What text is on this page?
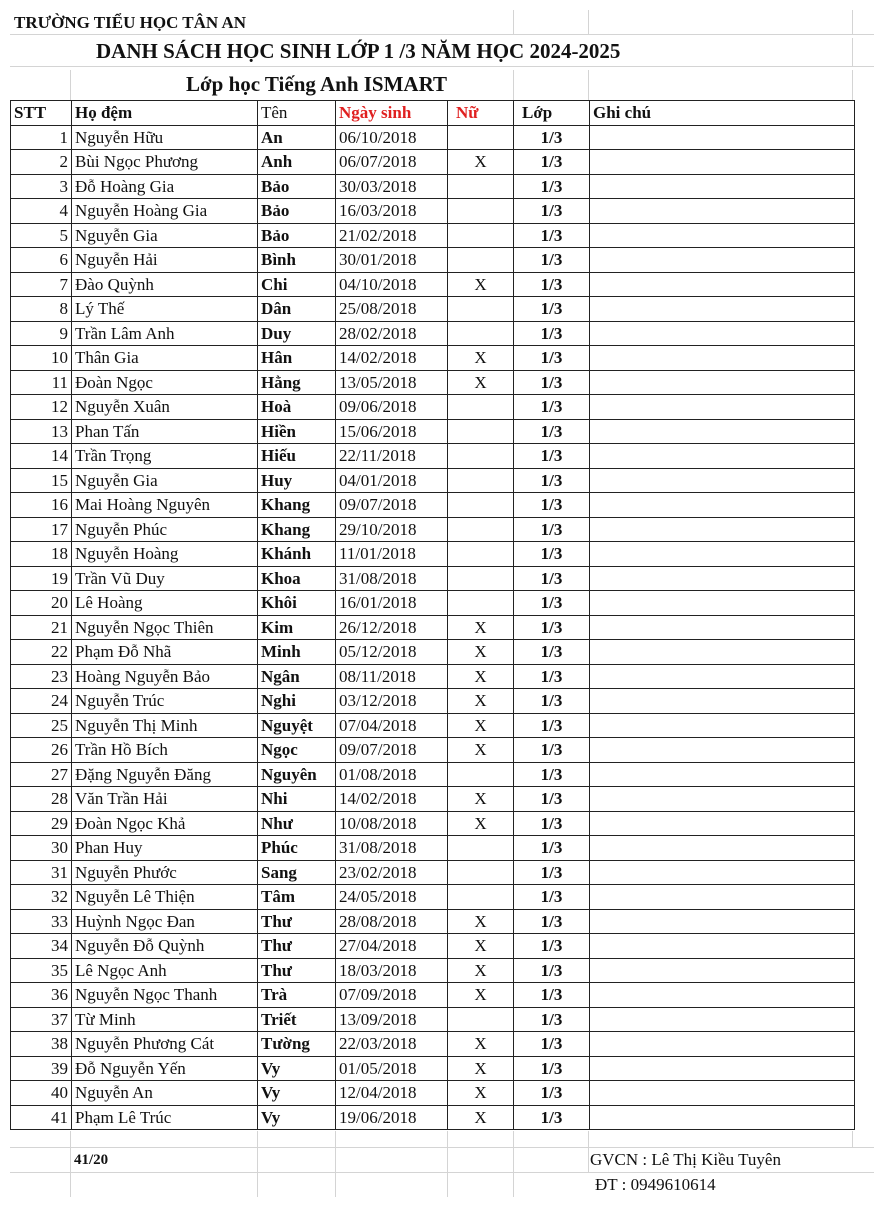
TRƯỜNG TIỂU HỌC TÂN AN
DANH SÁCH HỌC SINH LỚP 1 /3 NĂM HỌC 2024-2025
Lớp học Tiếng Anh ISMART
STT	Họ đệm	Tên	Ngày sinh	Nữ	Lớp	Ghi chú
1	Nguyễn Hữu	An	06/10/2018		1/3	
2	Bùi Ngọc Phương	Anh	06/07/2018	X	1/3	
3	Đỗ Hoàng Gia	Bảo	30/03/2018		1/3	
4	Nguyễn Hoàng Gia	Bảo	16/03/2018		1/3	
5	Nguyễn Gia	Bảo	21/02/2018		1/3	
6	Nguyễn Hải	Bình	30/01/2018		1/3	
7	Đào Quỳnh	Chi	04/10/2018	X	1/3	
8	Lý Thế	Dân	25/08/2018		1/3	
9	Trần Lâm Anh	Duy	28/02/2018		1/3	
10	Thân Gia	Hân	14/02/2018	X	1/3	
11	Đoàn Ngọc	Hằng	13/05/2018	X	1/3	
12	Nguyễn Xuân	Hoà	09/06/2018		1/3	
13	Phan Tấn	Hiền	15/06/2018		1/3	
14	Trần Trọng	Hiếu	22/11/2018		1/3	
15	Nguyễn Gia	Huy	04/01/2018		1/3	
16	Mai Hoàng Nguyên	Khang	09/07/2018		1/3	
17	Nguyễn Phúc	Khang	29/10/2018		1/3	
18	Nguyễn Hoàng	Khánh	11/01/2018		1/3	
19	Trần Vũ Duy	Khoa	31/08/2018		1/3	
20	Lê Hoàng	Khôi	16/01/2018		1/3	
21	Nguyễn Ngọc Thiên	Kim	26/12/2018	X	1/3	
22	Phạm Đỗ Nhã	Minh	05/12/2018	X	1/3	
23	Hoàng Nguyễn Bảo	Ngân	08/11/2018	X	1/3	
24	Nguyễn Trúc	Nghi	03/12/2018	X	1/3	
25	Nguyễn Thị Minh	Nguyệt	07/04/2018	X	1/3	
26	Trần Hồ Bích	Ngọc	09/07/2018	X	1/3	
27	Đặng Nguyễn Đăng	Nguyên	01/08/2018		1/3	
28	Văn Trần Hải	Nhi	14/02/2018	X	1/3	
29	Đoàn Ngọc Khả	Như	10/08/2018	X	1/3	
30	Phan Huy	Phúc	31/08/2018		1/3	
31	Nguyễn Phước	Sang	23/02/2018		1/3	
32	Nguyễn Lê Thiện	Tâm	24/05/2018		1/3	
33	Huỳnh Ngọc Đan	Thư	28/08/2018	X	1/3	
34	Nguyễn Đỗ Quỳnh	Thư	27/04/2018	X	1/3	
35	Lê Ngọc Anh	Thư	18/03/2018	X	1/3	
36	Nguyễn Ngọc Thanh	Trà	07/09/2018	X	1/3	
37	Từ Minh	Triết	13/09/2018		1/3	
38	Nguyễn Phương Cát	Tường	22/03/2018	X	1/3	
39	Đỗ Nguyễn Yến	Vy	01/05/2018	X	1/3	
40	Nguyễn An	Vy	12/04/2018	X	1/3	
41	Phạm Lê Trúc	Vy	19/06/2018	X	1/3	
41/20	GVCN : Lê Thị Kiều Tuyên
ĐT : 0949610614
